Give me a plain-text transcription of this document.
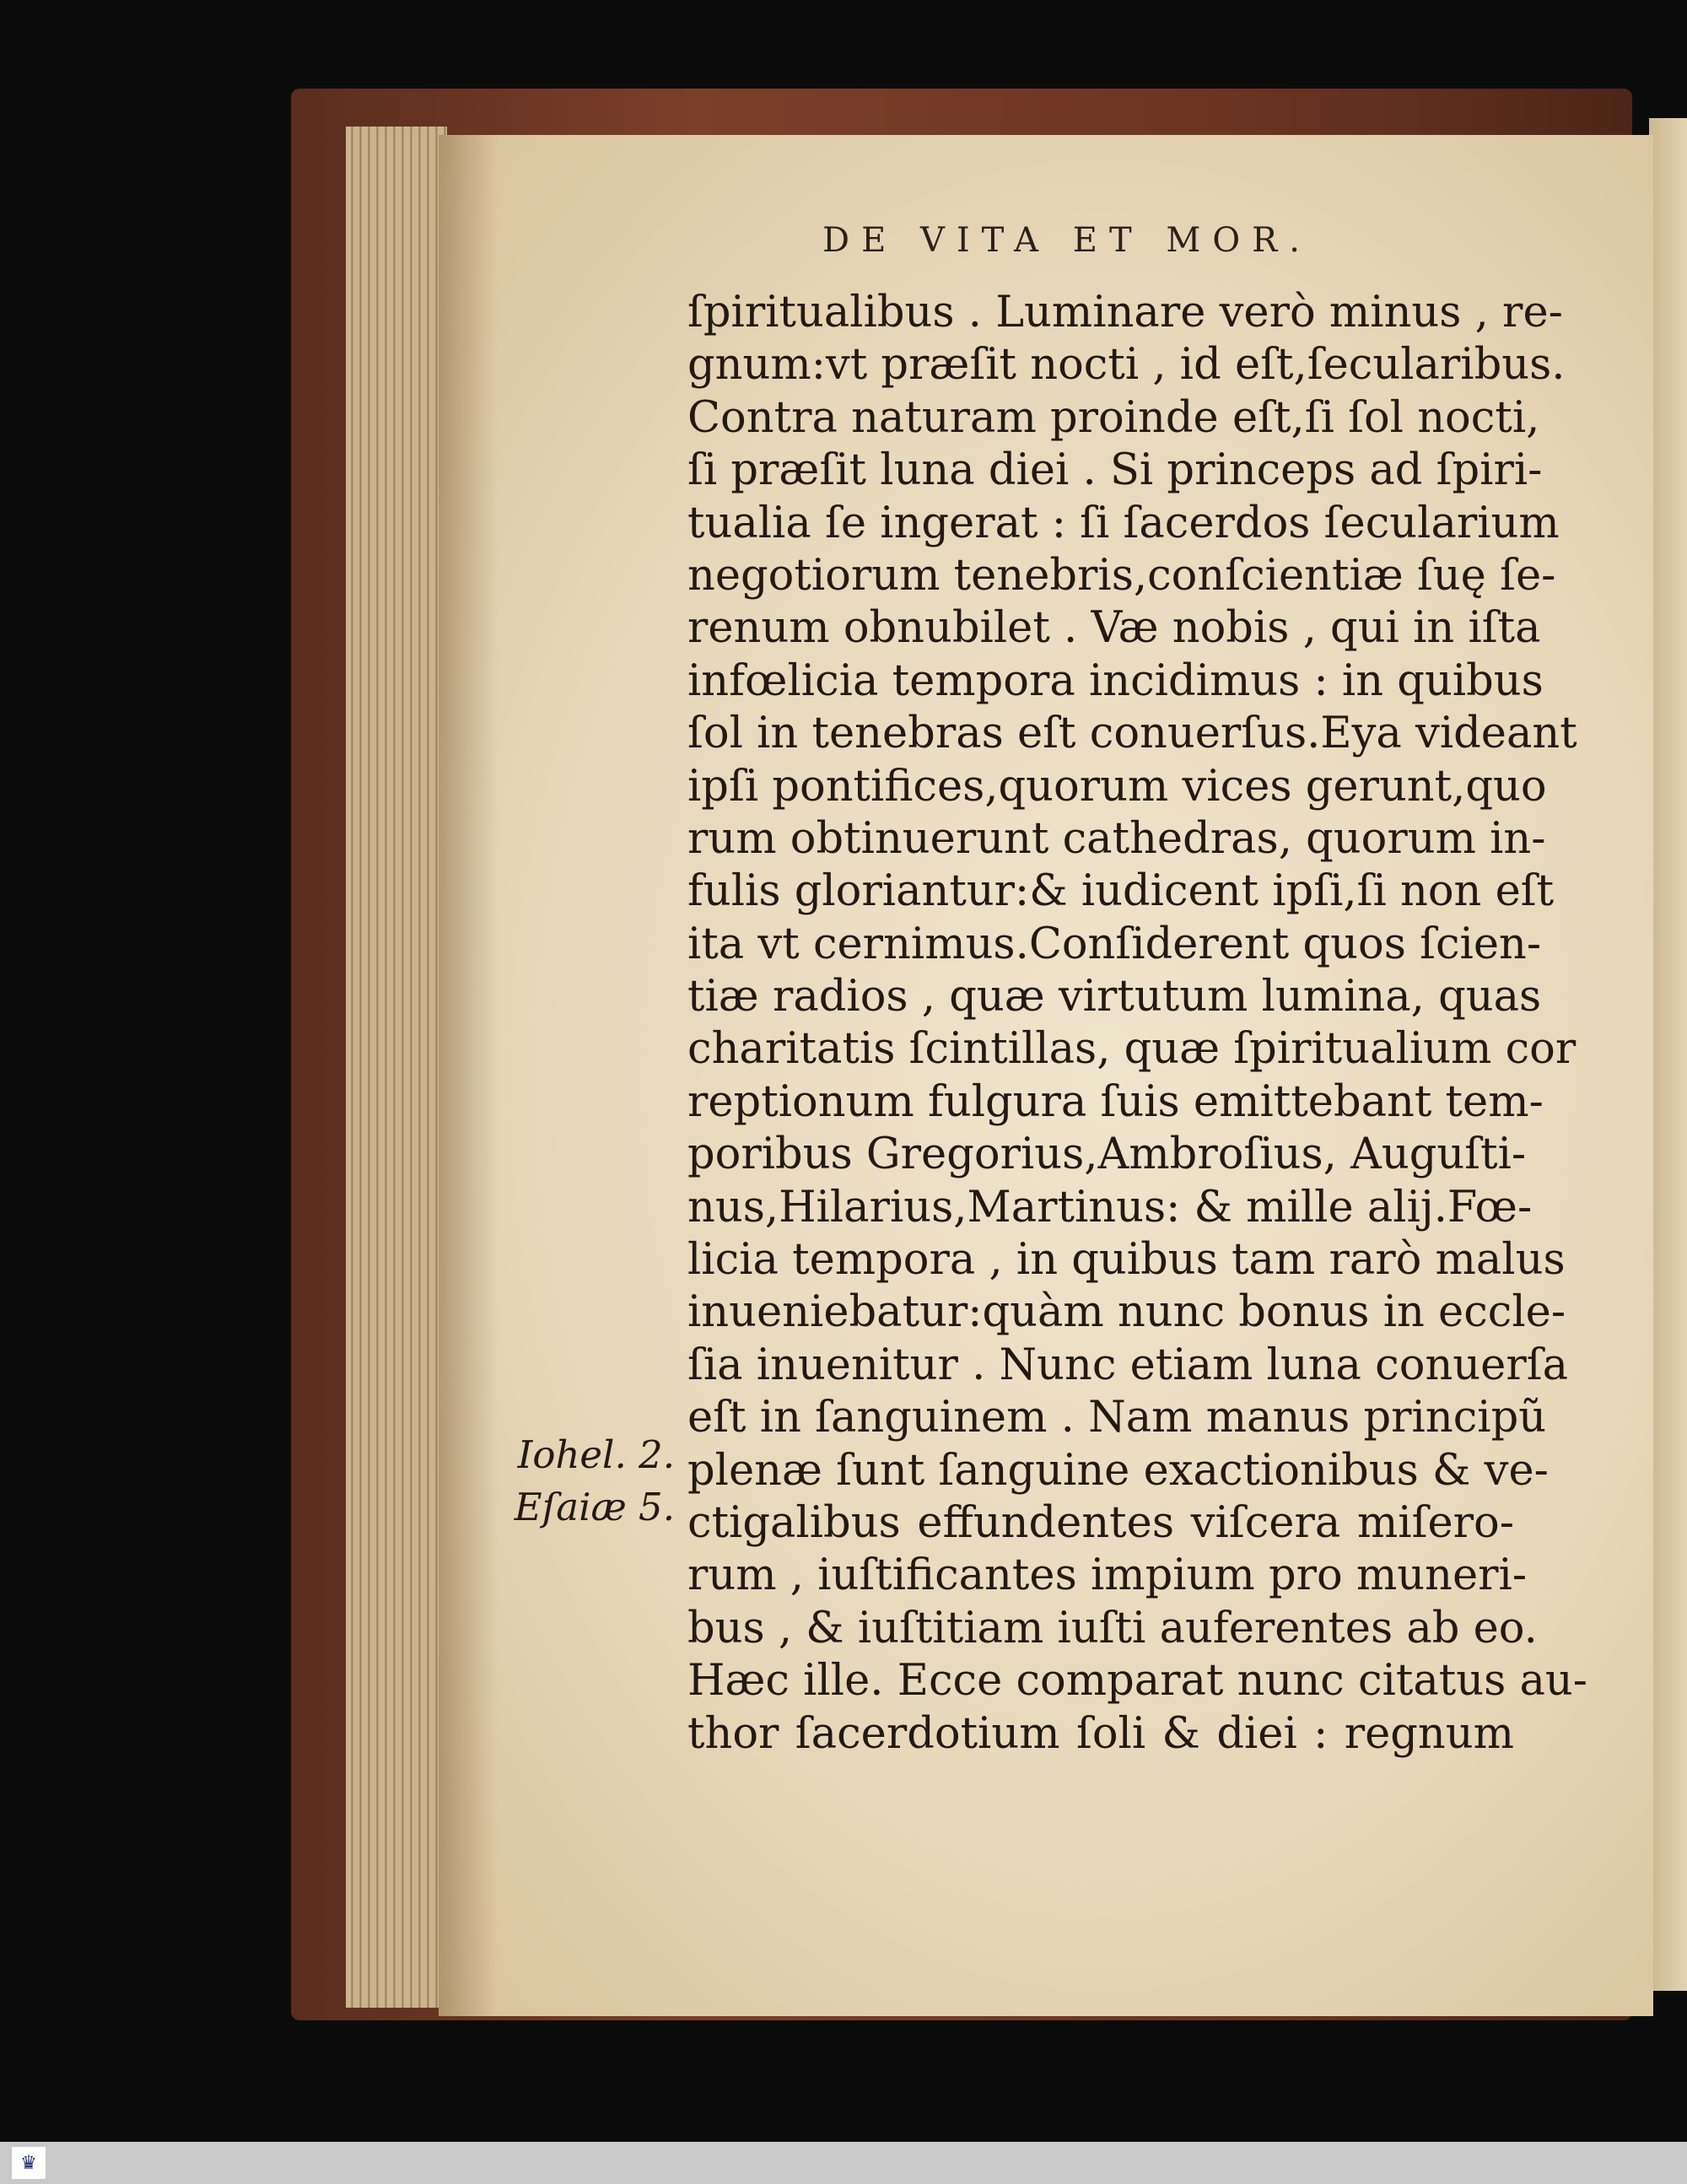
DE VITA ET MOR.
Iohel. 2.
Eſaiæ 5.
ſpiritualibus . Luminare verò minus , re-
gnum:vt præſit nocti , id eſt,ſecularibus.
Contra naturam proinde eſt,ſi ſol nocti,
ſi præſit luna diei . Si princeps ad ſpiri-
tualia ſe ingerat : ſi ſacerdos ſecularium
negotiorum tenebris,conſcientiæ ſuę ſe-
renum obnubilet . Væ nobis , qui in iſta
infœlicia tempora incidimus : in quibus
ſol in tenebras eſt conuerſus.Eya videant
ipſi pontifices,quorum vices gerunt,quo
rum obtinuerunt cathedras, quorum in-
fulis gloriantur:& iudicent ipſi,ſi non eſt
ita vt cernimus.Conſiderent quos ſcien-
tiæ radios , quæ virtutum lumina, quas
charitatis ſcintillas, quæ ſpiritualium cor
reptionum fulgura ſuis emittebant tem-
poribus Gregorius,Ambroſius, Auguſti-
nus,Hilarius,Martinus: & mille alij.Fœ-
licia tempora , in quibus tam rarò malus
inueniebatur:quàm nunc bonus in eccle-
ſia inuenitur . Nunc etiam luna conuerſa
eſt in ſanguinem . Nam manus principũ
plenæ ſunt ſanguine exactionibus & ve-
ctigalibus effundentes viſcera miſero-
rum , iuſtificantes impium pro muneri-
bus , & iuſtitiam iuſti auferentes ab eo.
Hæc ille. Ecce comparat nunc citatus au-
thor ſacerdotium ſoli & diei : regnum
♛
